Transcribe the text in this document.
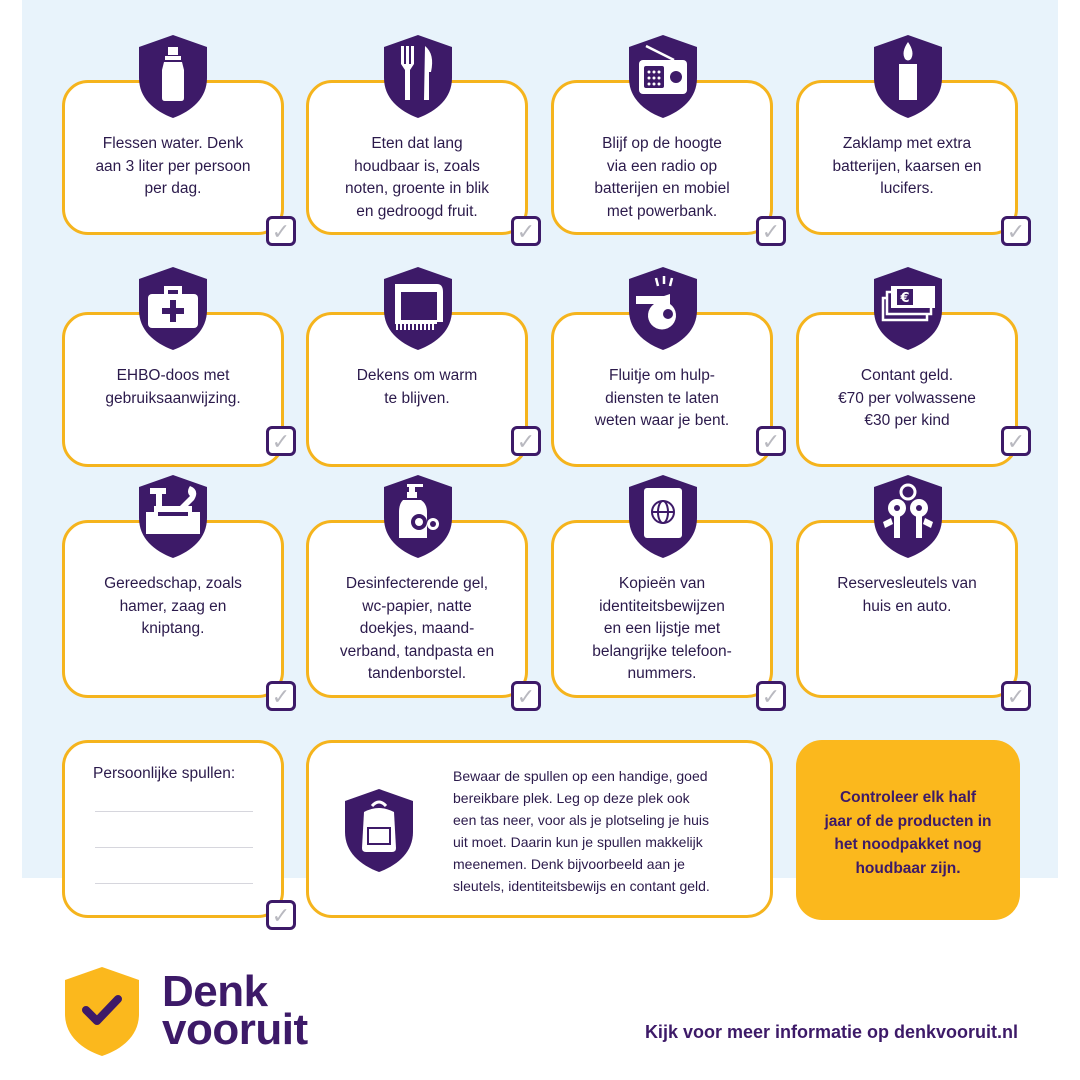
Flessen water. Denk
aan 3 liter per persoon
per dag.
Eten dat lang
houdbaar is, zoals
noten, groente in blik
en gedroogd fruit.
Blijf op de hoogte
via een radio op
batterijen en mobiel
met powerbank.
Zaklamp met extra
batterijen, kaarsen en
lucifers.
EHBO-doos met
gebruiksaanwijzing.
Dekens om warm
te blijven.
Fluitje om hulp-
diensten te laten
weten waar je bent.
Contant geld.
€70 per volwassene
€30 per kind
Gereedschap, zoals
hamer, zaag en
kniptang.
Desinfecterende gel,
wc-papier, natte
doekjes, maand-
verband, tandpasta en
tandenborstel.
Kopieën van
identiteitsbewijzen
en een lijstje met
belangrijke telefoon-
nummers.
Reservesleutels van
huis en auto.
Persoonlijke spullen:	Bewaar de spullen op een handige, goed
bereikbare plek. Leg op deze plek ook
een tas neer, voor als je plotseling je huis
uit moet. Daarin kun je spullen makkelijk
meenemen. Denk bijvoorbeeld aan je
sleutels, identiteitsbewijs en contant geld.
Controleer elk half
jaar of de producten in
het noodpakket nog
houdbaar zijn.
€
✓	✓	✓	✓
✓	✓	✓	✓
✓	✓	✓	✓
✓
Denk
vooruit	Kijk voor meer informatie op denkvooruit.nl
